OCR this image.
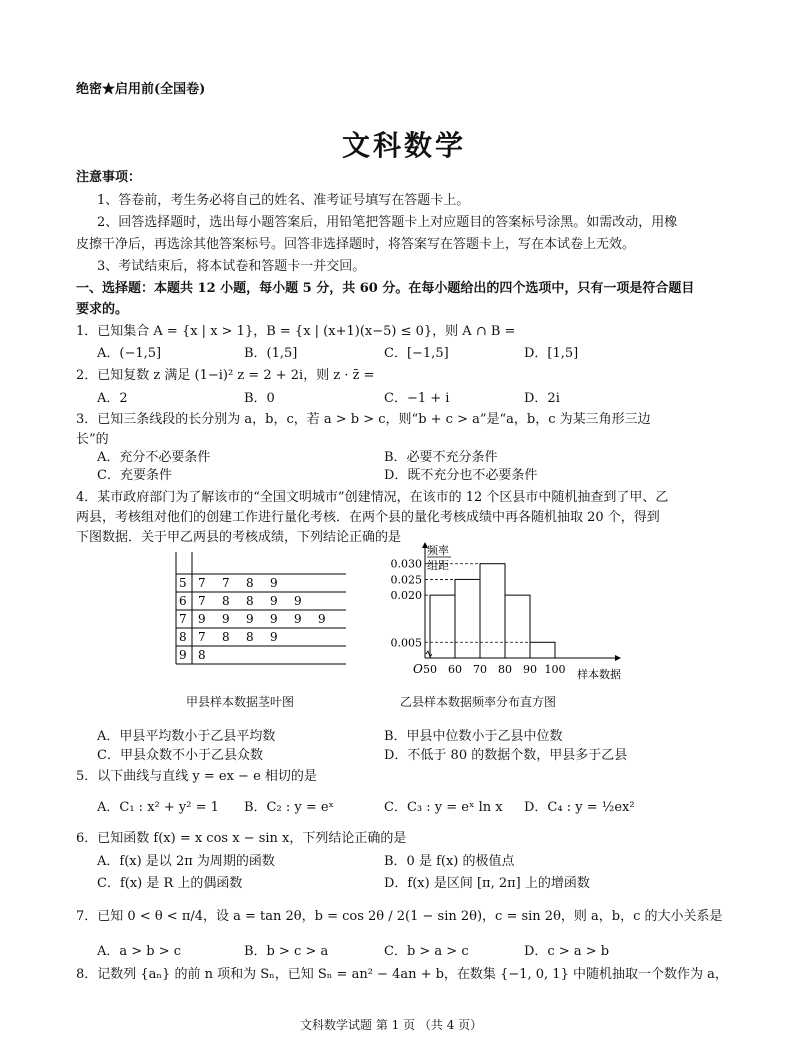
绝密★启用前(全国卷)
文科数学
注意事项：
1、答卷前，考生务必将自己的姓名、准考证号填写在答题卡上。
2、回答选择题时，选出每小题答案后，用铅笔把答题卡上对应题目的答案标号涂黑。如需改动，用橡
皮擦干净后，再选涂其他答案标号。回答非选择题时，将答案写在答题卡上，写在本试卷上无效。
3、考试结束后，将本试卷和答题卡一并交回。
一、选择题：本题共 12 小题，每小题 5 分，共 60 分。在每小题给出的四个选项中，只有一项是符合题目
要求的。
1．已知集合 A = {x | x > 1}，B = {x | (x+1)(x−5) ≤ 0}，则 A ∩ B =
A．(−1,5]	B．(1,5]	C．[−1,5]	D．[1,5]
2．已知复数 z 满足 (1−i)² z = 2 + 2i，则 z · z̄ =
A．2	B．0	C．−1 + i	D．2i
3．已知三条线段的长分别为 a，b，c，若 a > b > c，则“b + c > a”是“a，b，c 为某三角形三边
长”的
A．充分不必要条件	B．必要不充分条件
C．充要条件	D．既不充分也不必要条件
4．某市政府部门为了解该市的“全国文明城市”创建情况，在该市的 12 个区县市中随机抽查到了甲、乙
两县，考核组对他们的创建工作进行量化考核．在两个县的量化考核成绩中再各随机抽取 20 个，得到
下图数据．关于甲乙两县的考核成绩，下列结论正确的是
5 7 7 8 9
6 7 8 8 9 9
7 9 9 9 9 9 9
8 7 8 8 9
9 8
甲县样本数据茎叶图
频率
组距
0.005
0.020
0.025
0.030
50 60 70 80 90 100
O	样本数据
乙县样本数据频率分布直方图
A．甲县平均数小于乙县平均数	B．甲县中位数小于乙县中位数
C．甲县众数不小于乙县众数	D．不低于 80 的数据个数，甲县多于乙县
5．以下曲线与直线 y = ex − e 相切的是
A．C₁ : x² + y² = 1 B．C₂ : y = eˣ	C．C₃ : y = eˣ ln x D．C₄ : y = ½ex²
6．已知函数 f(x) = x cos x − sin x，下列结论正确的是
A．f(x) 是以 2π 为周期的函数	B．0 是 f(x) 的极值点
C．f(x) 是 R 上的偶函数	D．f(x) 是区间 [π, 2π] 上的增函数
7．已知 0 < θ < π/4，设 a = tan 2θ，b = cos 2θ / 2(1 − sin 2θ)，c = sin 2θ，则 a，b，c 的大小关系是
A．a > b > c	B．b > c > a	C．b > a > c	D．c > a > b
8．记数列 {aₙ} 的前 n 项和为 Sₙ，已知 Sₙ = an² − 4an + b，在数集 {−1, 0, 1} 中随机抽取一个数作为 a，
文科数学试题 第 1 页 （共 4 页）
